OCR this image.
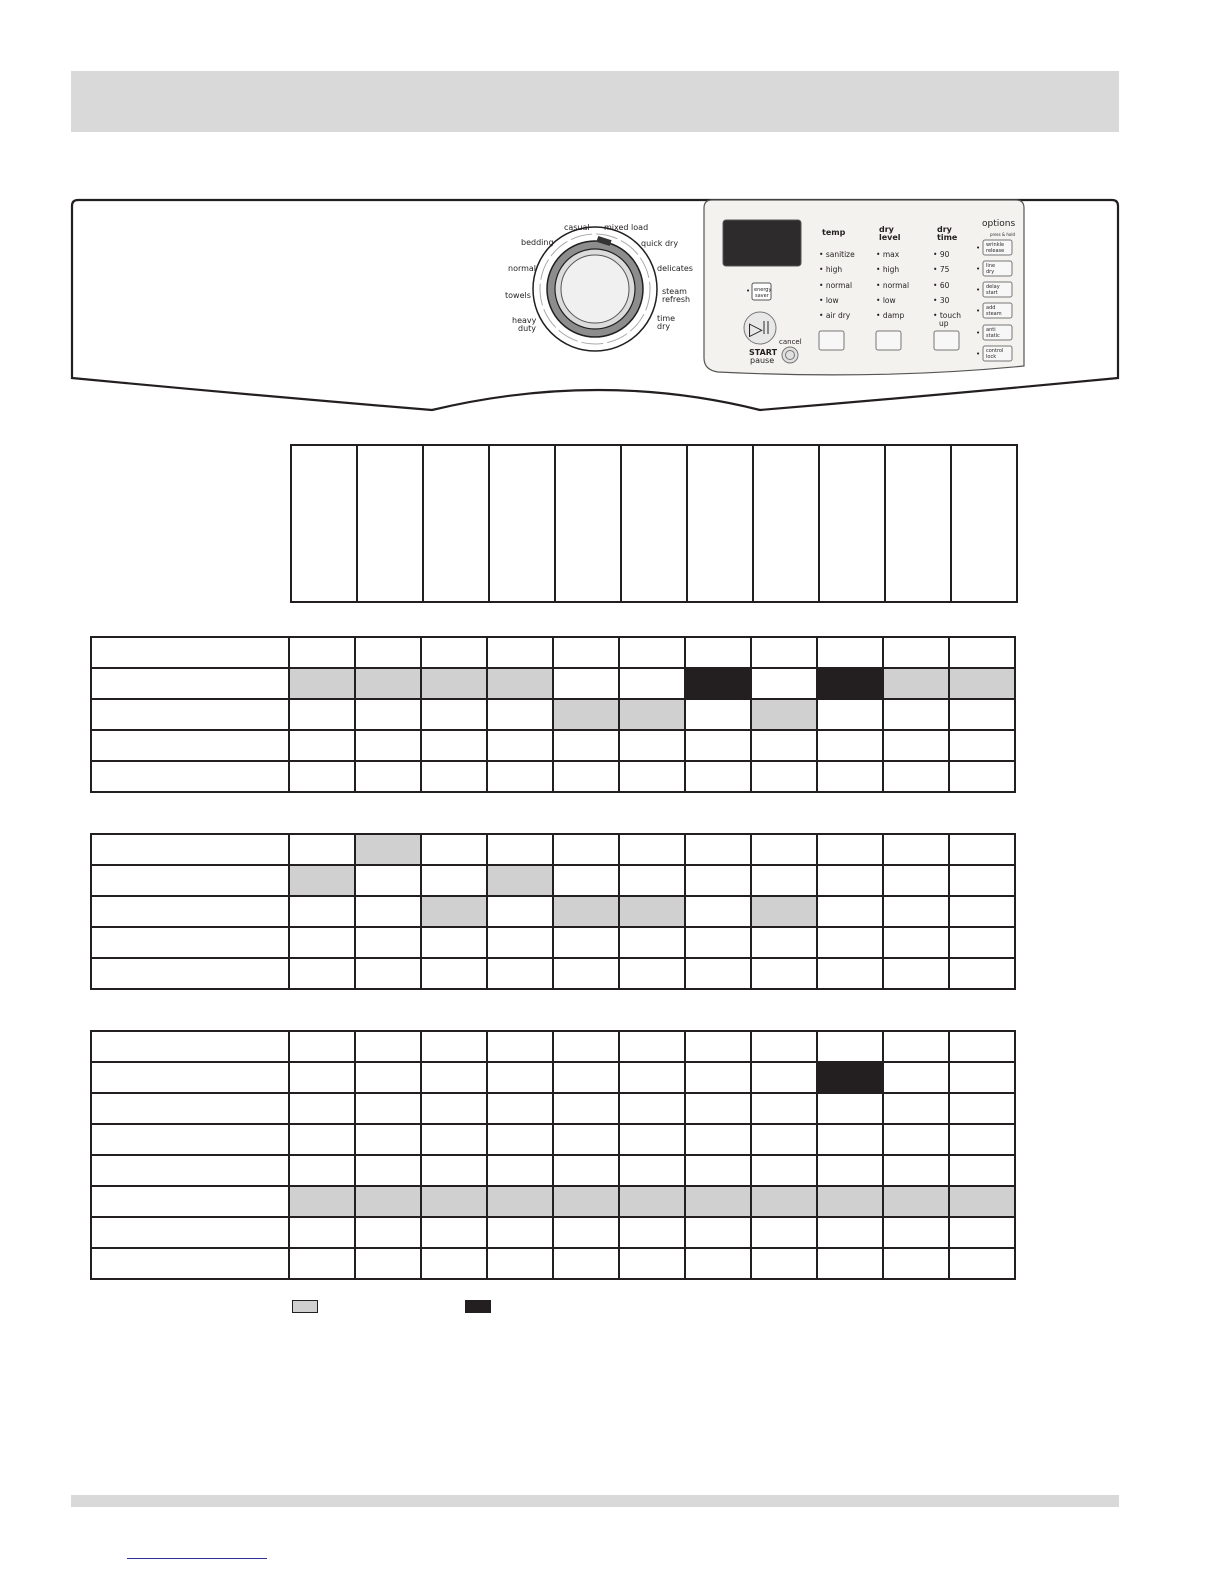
casual mixed load
bedding	quick dry
normal	delicates
towels	steam
refresh
heavy
duty
time
dry
• energy
saver
▷
START
pause
cancel
temp
• sanitize
• high
• normal
• low
• air dry
dry
level
• max
• high
• normal
• low
• damp
dry
time
• 90
• 75
• 60
• 30
• touch
up
options
press & hold
• wrinkle
release
• line
dry
• delay
start
• add
steam
• anti
static
• control
lock
